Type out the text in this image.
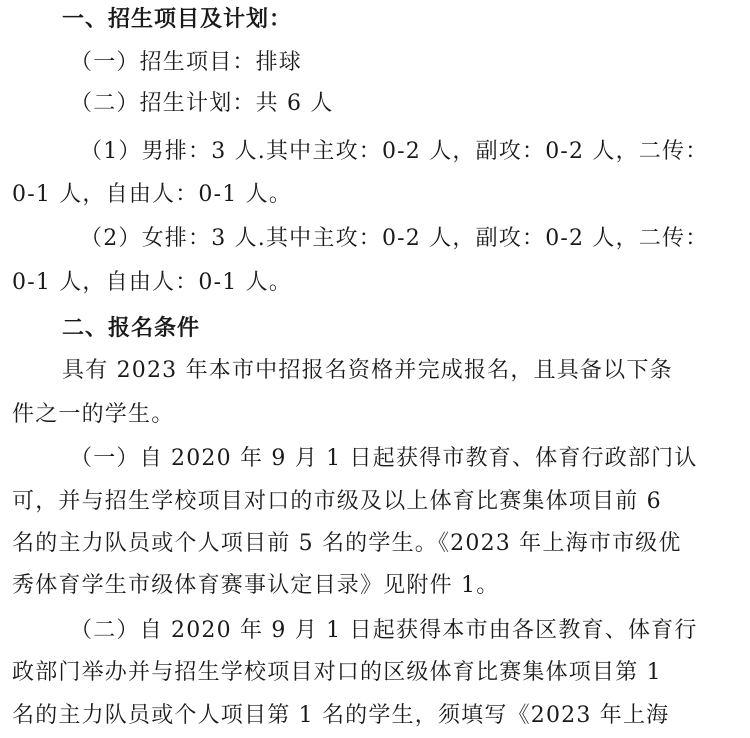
一、招生项目及计划：
（一）招生项目：排球
（二）招生计划：共 6 人
（1）男排：3 人.其中主攻：0-2 人，副攻：0-2 人，二传：
0-1 人，自由人：0-1 人。
（2）女排：3 人.其中主攻：0-2 人，副攻：0-2 人，二传：
0-1 人，自由人：0-1 人。
二、报名条件
具有 2023 年本市中招报名资格并完成报名，且具备以下条
件之一的学生。
（一）自 2020 年 9 月 1 日起获得市教育、体育行政部门认
可，并与招生学校项目对口的市级及以上体育比赛集体项目前 6
名的主力队员或个人项目前 5 名的学生。《2023 年上海市市级优
秀体育学生市级体育赛事认定目录》见附件 1。
（二）自 2020 年 9 月 1 日起获得本市由各区教育、体育行
政部门举办并与招生学校项目对口的区级体育比赛集体项目第 1
名的主力队员或个人项目第 1 名的学生，须填写《2023 年上海
